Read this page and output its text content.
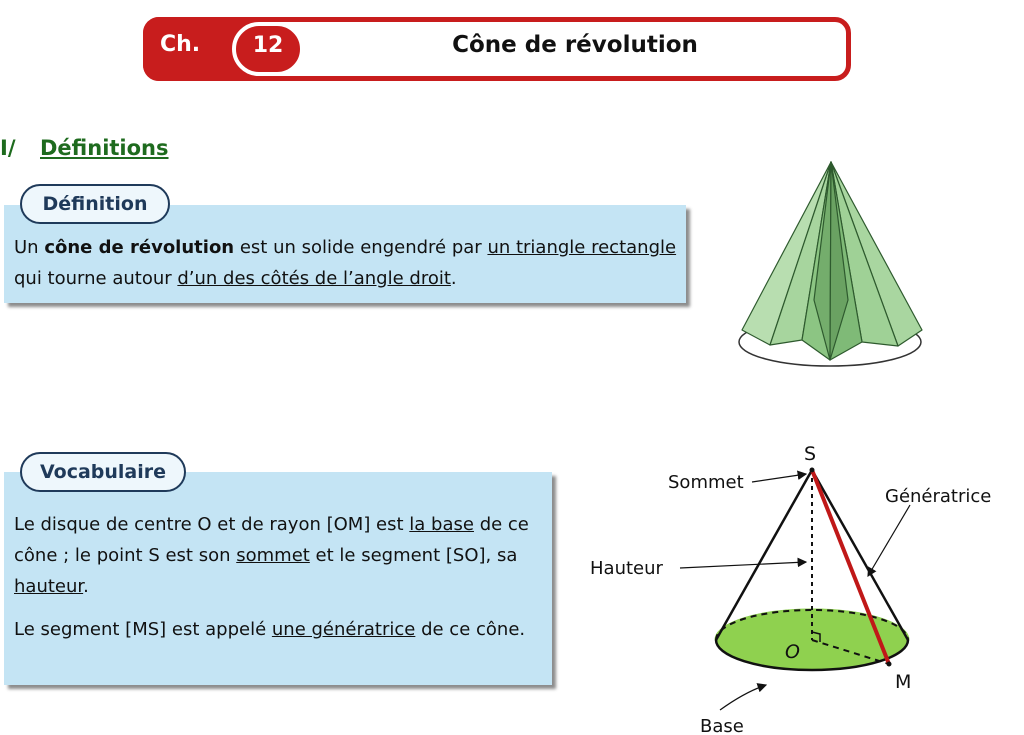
Ch.	12	Cône de révolution
I/ Définitions
Définition
Un cône de révolution est un solide engendré par un triangle rectangle qui tourne autour d’un des côtés de l’angle droit.
Vocabulaire
Le disque de centre O et de rayon [OM] est la base de ce cône ; le point S est son sommet et le segment [SO], sa hauteur.
Le segment [MS] est appelé une génératrice de ce cône.
S
O
M
Sommet
Génératrice
Hauteur
Base
